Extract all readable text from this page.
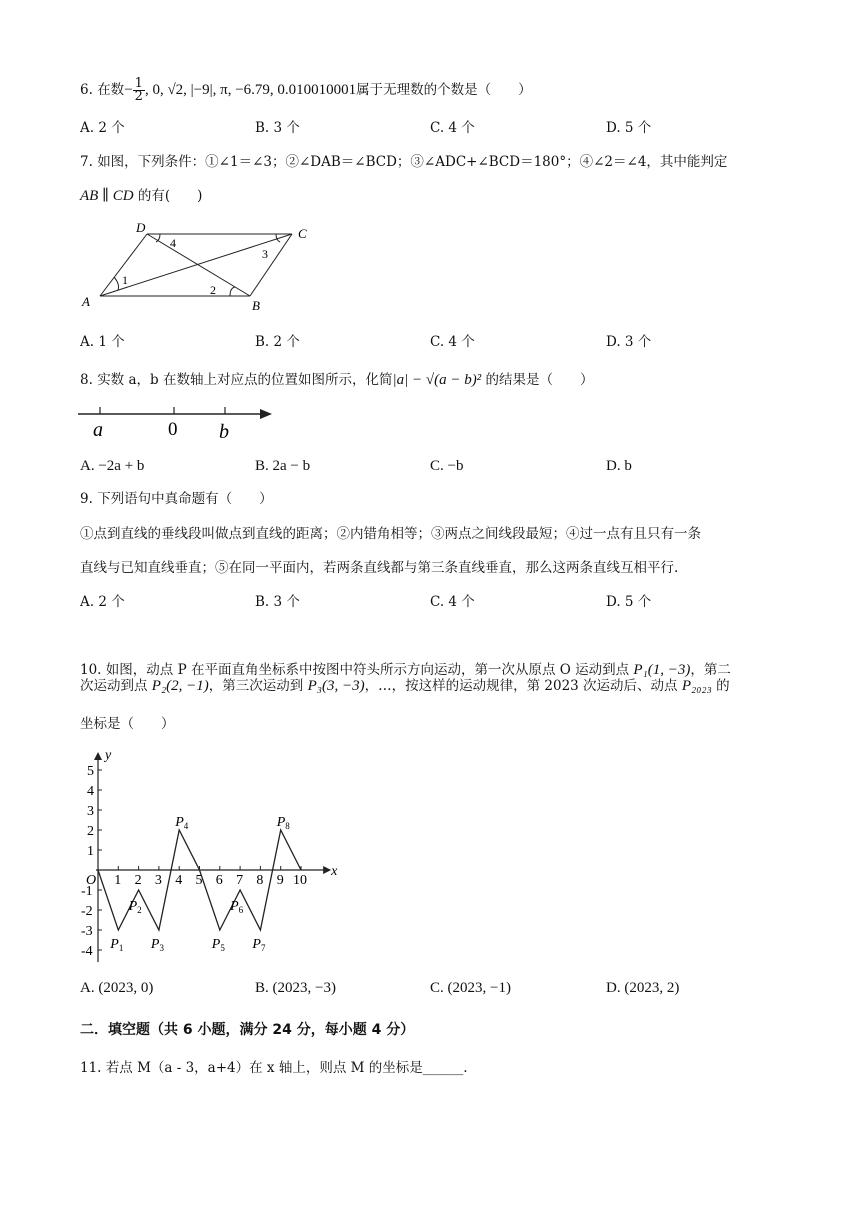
6. 在数− $\frac{1}{2}$ , 0, √2, |−9|, π, −6.79, 0.010010001属于无理数的个数是（　　）
A. 2 个	B. 3 个	C. 4 个	D. 5 个
7. 如图，下列条件：①∠1＝∠3；②∠DAB＝∠BCD；③∠ADC+∠BCD＝180°；④∠2＝∠4，其中能判定
AB ∥ CD 的有(　　)
A	B
C
D
1
2
3
4
A. 1 个	B. 2 个	C. 4 个	D. 3 个
8. 实数 a，b 在数轴上对应点的位置如图所示，化简|a| − √(a − b)² 的结果是（　　）
a	0 b
A. −2a + b	B. 2a − b	C. −b	D. b
9. 下列语句中真命题有（　　）
①点到直线的垂线段叫做点到直线的距离；②内错角相等；③两点之间线段最短；④过一点有且只有一条
直线与已知直线垂直；⑤在同一平面内，若两条直线都与第三条直线垂直，那么这两条直线互相平行.
A. 2 个	B. 3 个	C. 4 个	D. 5 个
10. 如图，动点 P 在平面直角坐标系中按图中符头所示方向运动，第一次从原点 O 运动到点 P₁(1, −3)，第二
次运动到点 P₂(2, −1)，第三次运动到 P₃(3, −3)，…，按这样的运动规律，第 2023 次运动后、动点 P₂₀₂₃ 的
坐标是（　　）
x
y
O 1 2 3 4 5 6 7 8 9 10
5
4
3
2
1
-1
-2
-3
-4 $P_1$
$P_2$
$P_3$
$P_4$
$P_5$
$P_6$
$P_7$
$P_8$
A. (2023, 0)	B. (2023, −3)	C. (2023, −1)	D. (2023, 2)
二．填空题（共 6 小题，满分 24 分，每小题 4 分）
11. 若点 M（a - 3，a+4）在 x 轴上，则点 M 的坐标是______.
